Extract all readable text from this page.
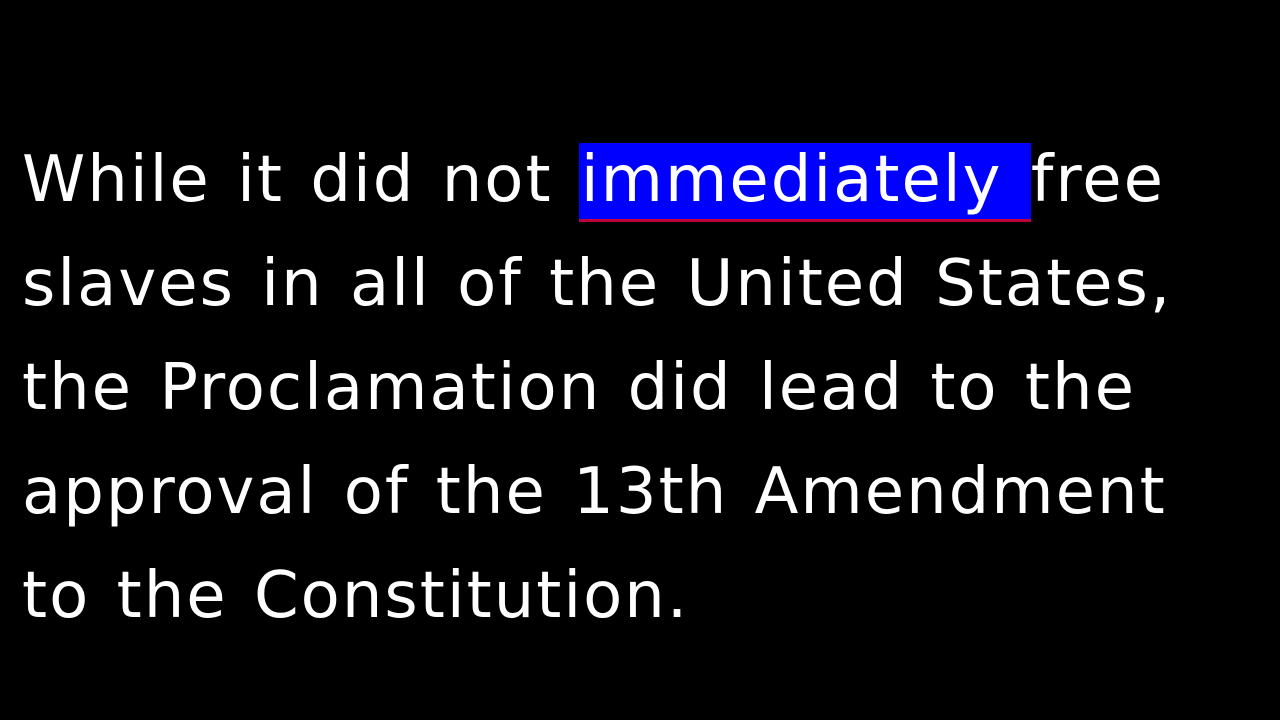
While it did not immediately free
slaves in all of the United States,
the Proclamation did lead to the
approval of the 13th Amendment
to the Constitution.
